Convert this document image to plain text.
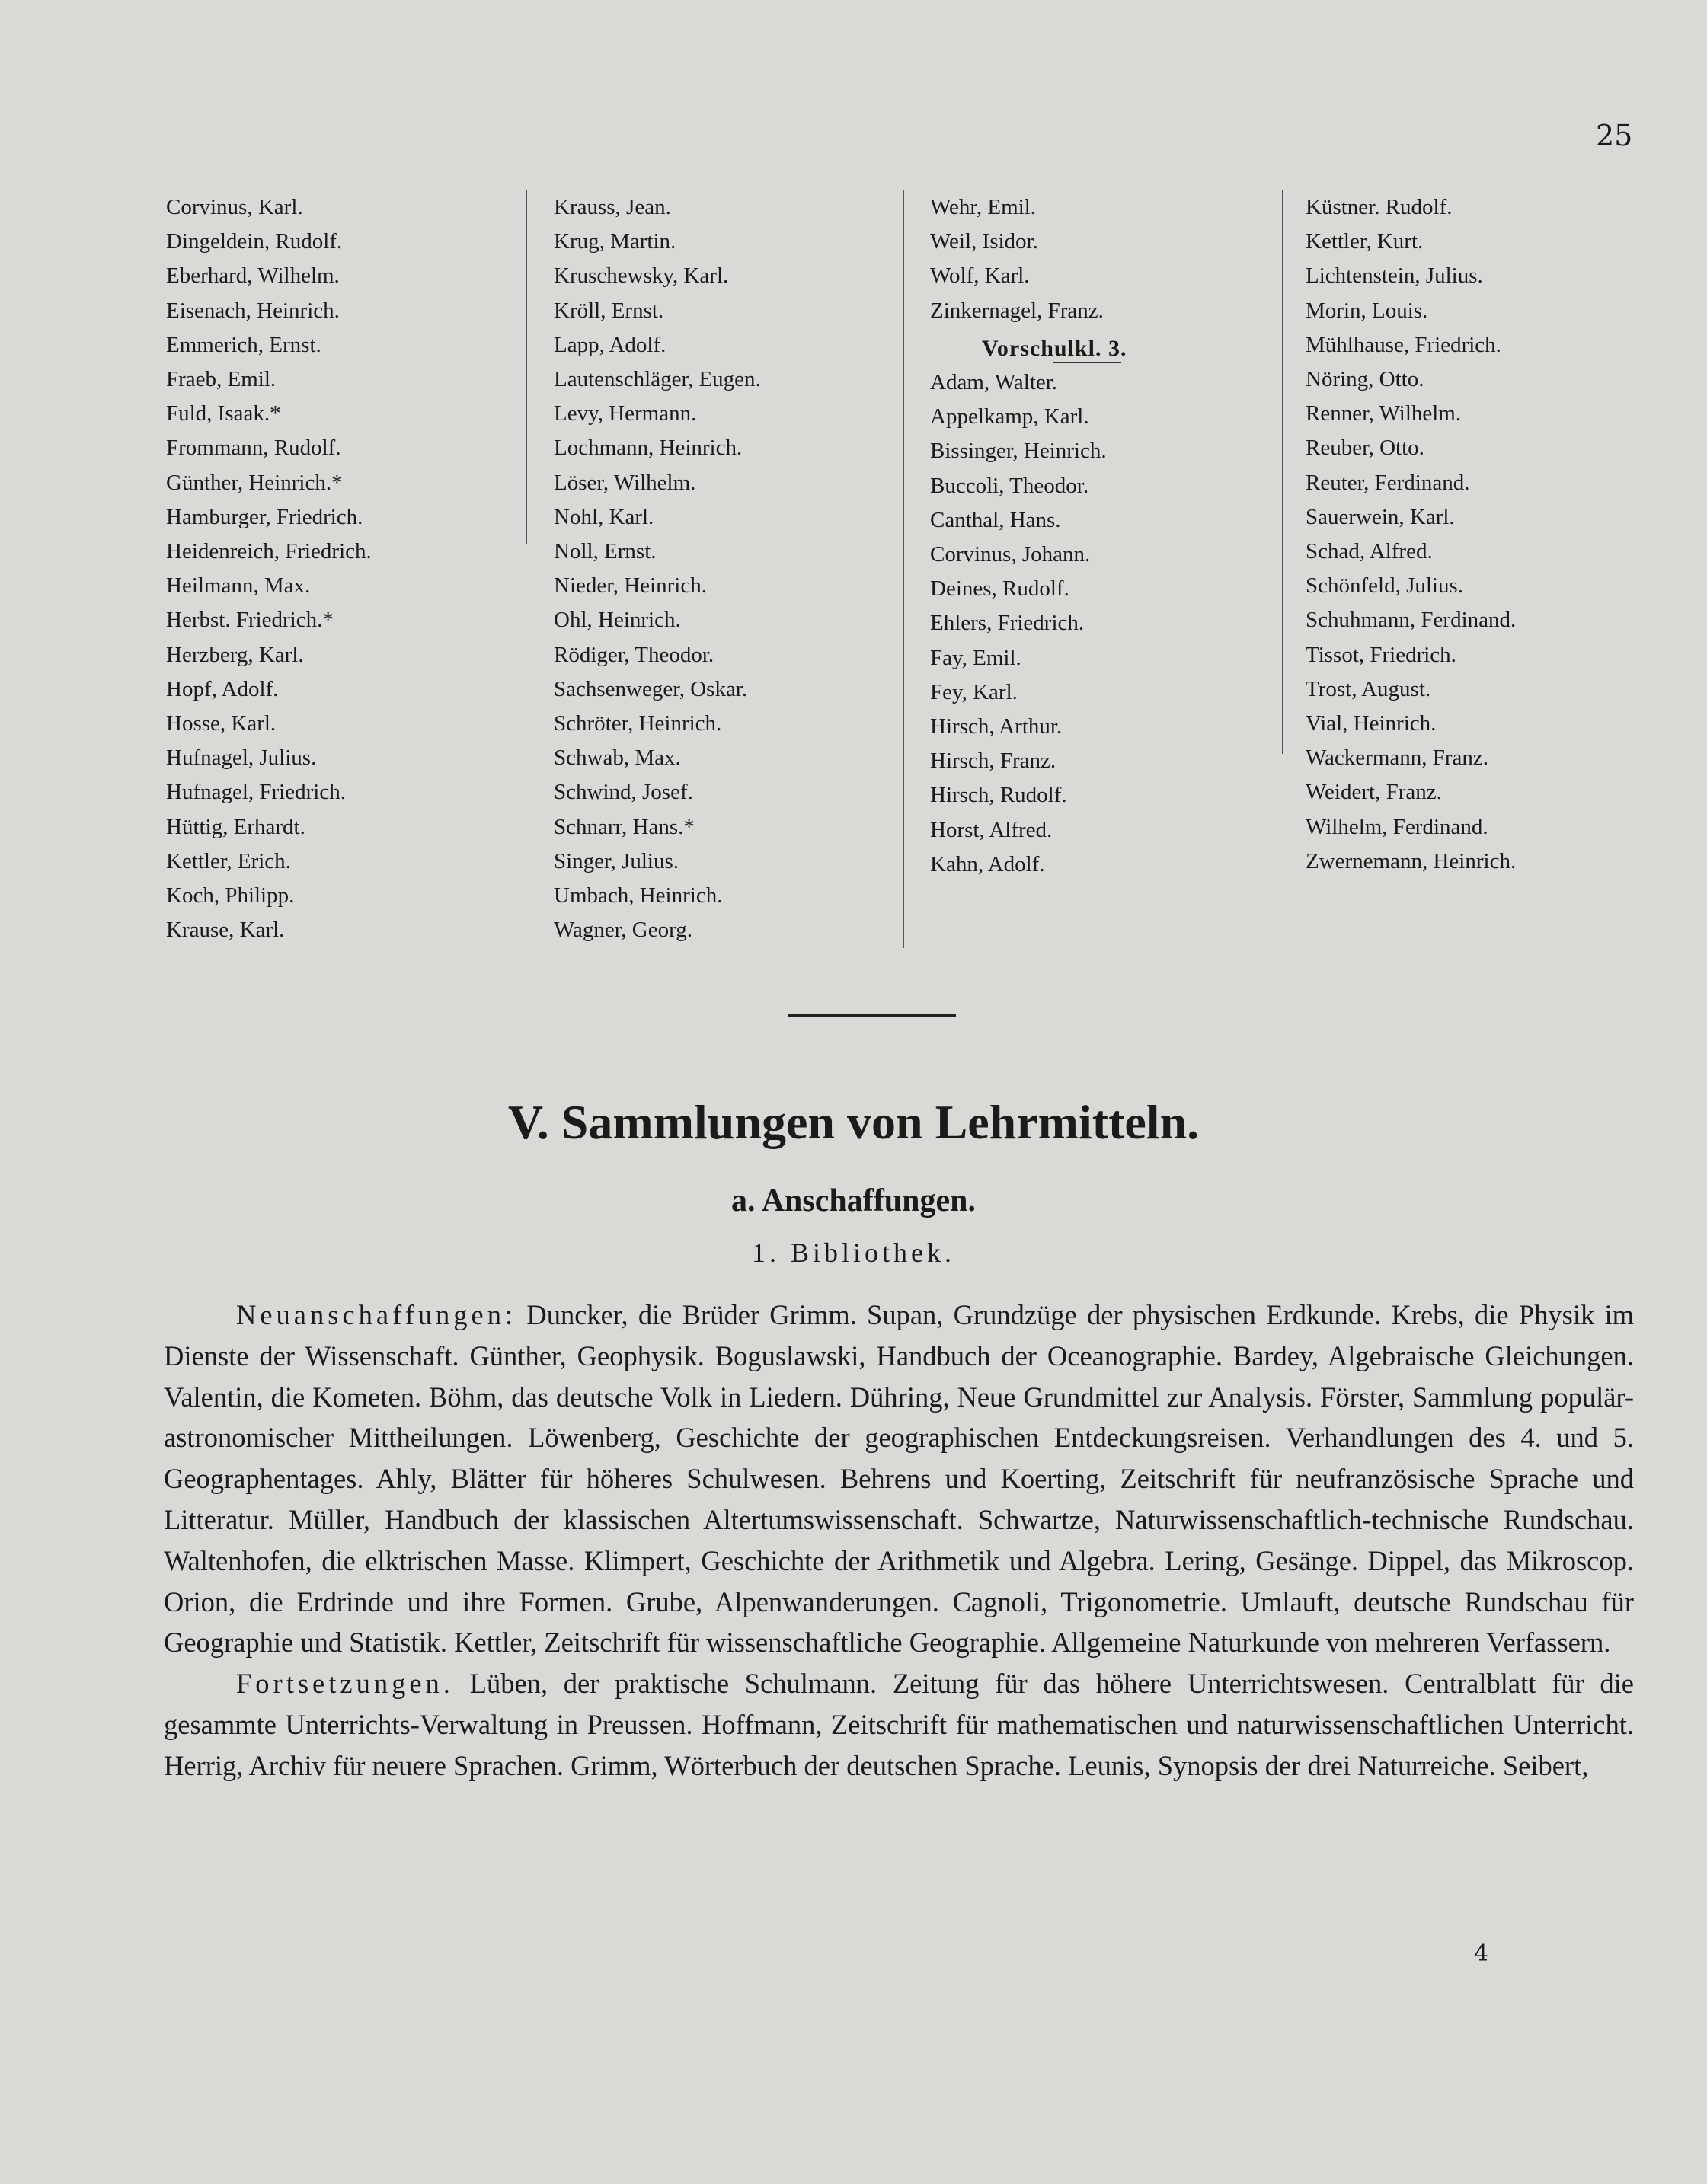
25
Corvinus, Karl.
Dingeldein, Rudolf.
Eberhard, Wilhelm.
Eisenach, Heinrich.
Emmerich, Ernst.
Fraeb, Emil.
Fuld, Isaak.*
Frommann, Rudolf.
Günther, Heinrich.*
Hamburger, Friedrich.
Heidenreich, Friedrich.
Heilmann, Max.
Herbst. Friedrich.*
Herzberg, Karl.
Hopf, Adolf.
Hosse, Karl.
Hufnagel, Julius.
Hufnagel, Friedrich.
Hüttig, Erhardt.
Kettler, Erich.
Koch, Philipp.
Krause, Karl.
Krauss, Jean.
Krug, Martin.
Kruschewsky, Karl.
Kröll, Ernst.
Lapp, Adolf.
Lautenschläger, Eugen.
Levy, Hermann.
Lochmann, Heinrich.
Löser, Wilhelm.
Nohl, Karl.
Noll, Ernst.
Nieder, Heinrich.
Ohl, Heinrich.
Rödiger, Theodor.
Sachsenweger, Oskar.
Schröter, Heinrich.
Schwab, Max.
Schwind, Josef.
Schnarr, Hans.*
Singer, Julius.
Umbach, Heinrich.
Wagner, Georg.
Wehr, Emil.
Weil, Isidor.
Wolf, Karl.
Zinkernagel, Franz.
Vorschulkl. 3.
Adam, Walter.
Appelkamp, Karl.
Bissinger, Heinrich.
Buccoli, Theodor.
Canthal, Hans.
Corvinus, Johann.
Deines, Rudolf.
Ehlers, Friedrich.
Fay, Emil.
Fey, Karl.
Hirsch, Arthur.
Hirsch, Franz.
Hirsch, Rudolf.
Horst, Alfred.
Kahn, Adolf.
Küstner. Rudolf.
Kettler, Kurt.
Lichtenstein, Julius.
Morin, Louis.
Mühlhause, Friedrich.
Nöring, Otto.
Renner, Wilhelm.
Reuber, Otto.
Reuter, Ferdinand.
Sauerwein, Karl.
Schad, Alfred.
Schönfeld, Julius.
Schuhmann, Ferdinand.
Tissot, Friedrich.
Trost, August.
Vial, Heinrich.
Wackermann, Franz.
Weidert, Franz.
Wilhelm, Ferdinand.
Zwernemann, Heinrich.
V. Sammlungen von Lehrmitteln.
a. Anschaffungen.
1. Bibliothek.

Neuanschaffungen: Duncker, die Brüder Grimm. Supan, Grundzüge der physischen Erdkunde. Krebs, die Physik im Dienste der Wissenschaft. Günther, Geophysik. Boguslawski, Handbuch der Oceanographie. Bardey, Algebraische Gleichungen. Valentin, die Kometen. Böhm, das deutsche Volk in Liedern. Dühring, Neue Grundmittel zur Analysis. Förster, Sammlung populär-astronomischer Mittheilungen. Löwenberg, Geschichte der geographischen Entdeckungsreisen. Verhandlungen des 4. und 5. Geographentages. Ahly, Blätter für höheres Schulwesen. Behrens und Koerting, Zeitschrift für neufranzösische Sprache und Litteratur. Müller, Handbuch der klassischen Altertumswissenschaft. Schwartze, Naturwissenschaftlich-technische Rundschau. Waltenhofen, die elktrischen Masse. Klimpert, Geschichte der Arithmetik und Algebra. Lering, Gesänge. Dippel, das Mikroscop. Orion, die Erdrinde und ihre Formen. Grube, Alpenwanderungen. Cagnoli, Trigonometrie. Umlauft, deutsche Rundschau für Geographie und Statistik. Kettler, Zeitschrift für wissenschaftliche Geographie. Allgemeine Naturkunde von mehreren Verfassern.

Fortsetzungen. Lüben, der praktische Schulmann. Zeitung für das höhere Unterrichtswesen. Centralblatt für die gesammte Unterrichts-Verwaltung in Preussen. Hoffmann, Zeitschrift für mathematischen und naturwissenschaftlichen Unterricht. Herrig, Archiv für neuere Sprachen. Grimm, Wörterbuch der deutschen Sprache. Leunis, Synopsis der drei Naturreiche. Seibert,

4
